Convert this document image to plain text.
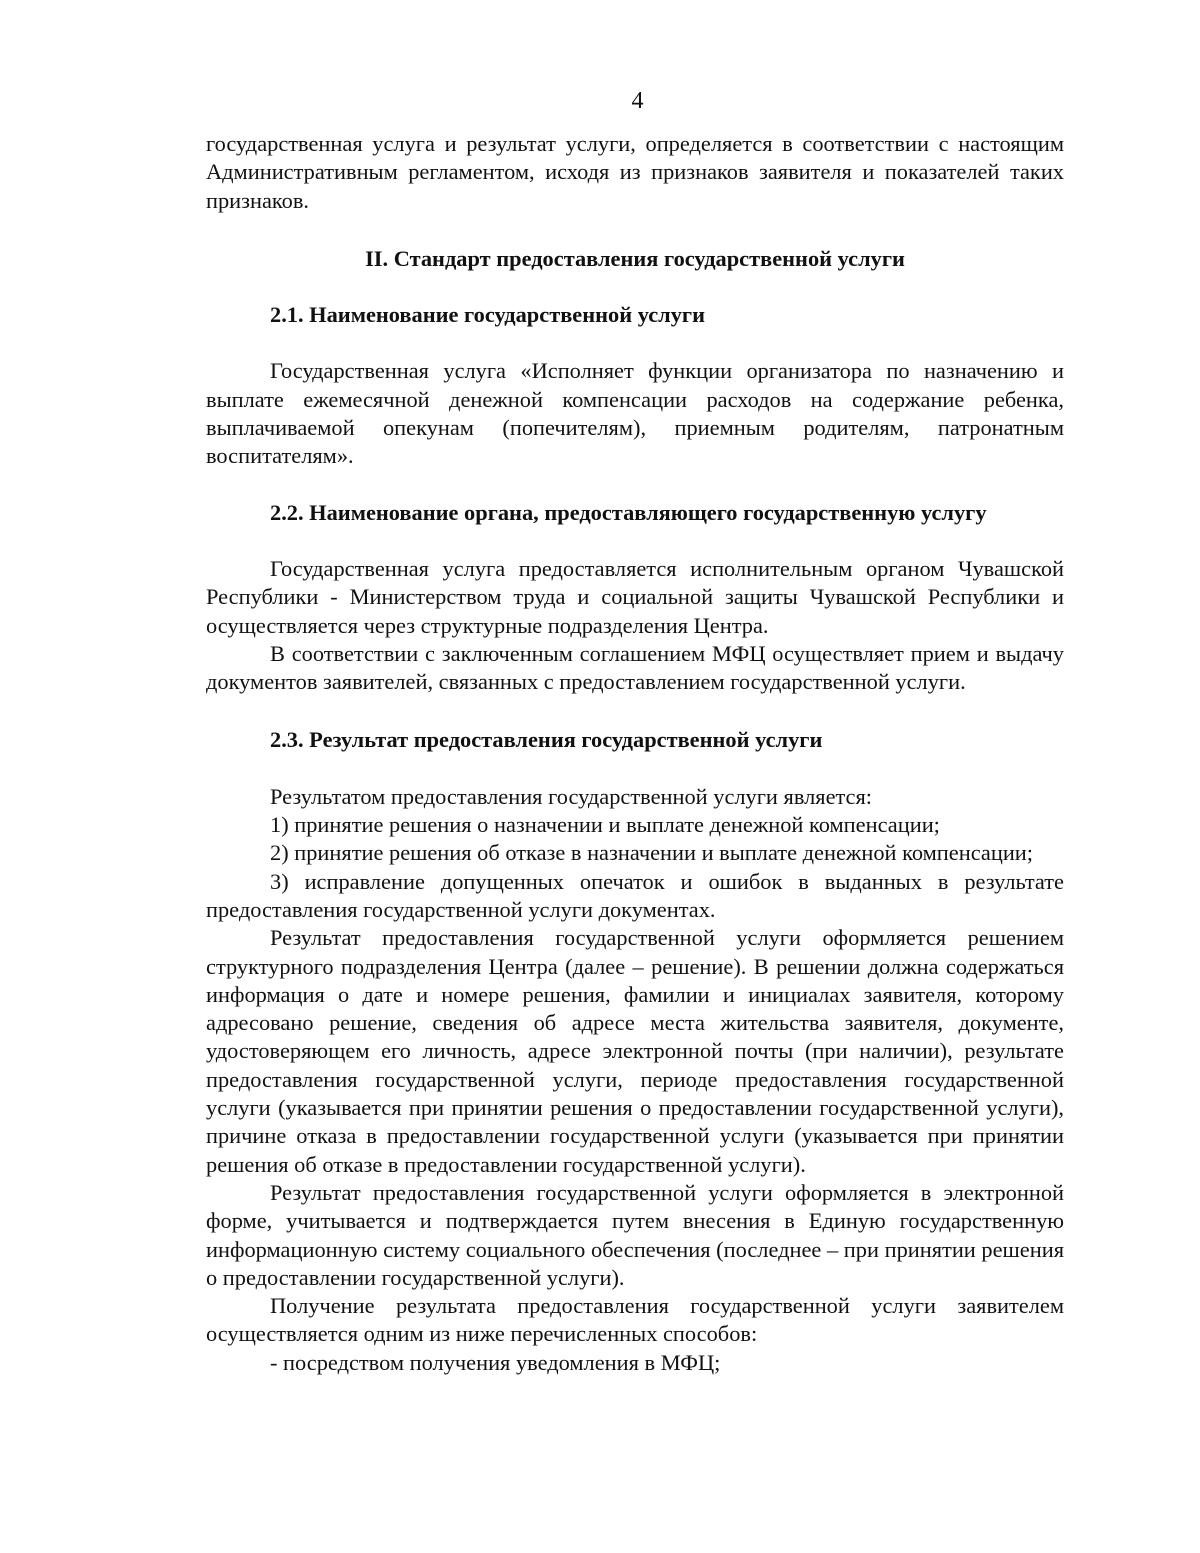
4

государственная услуга и результат услуги, определяется в соответствии с настоящим Административным регламентом, исходя из признаков заявителя и показателей таких признаков.

II. Стандарт предоставления государственной услуги

2.1. Наименование государственной услуги

Государственная услуга «Исполняет функции организатора по назначению и выплате ежемесячной денежной компенсации расходов на содержание ребенка, выплачиваемой опекунам (попечителям), приемным родителям, патронатным воспитателям».

2.2. Наименование органа, предоставляющего государственную услугу

Государственная услуга предоставляется исполнительным органом Чувашской Республики - Министерством труда и социальной защиты Чувашской Республики и осуществляется через структурные подразделения Центра.

В соответствии с заключенным соглашением МФЦ осуществляет прием и выдачу документов заявителей, связанных с предоставлением государственной услуги.

2.3. Результат предоставления государственной услуги

Результатом предоставления государственной услуги является:

1) принятие решения о назначении и выплате денежной компенсации;

2) принятие решения об отказе в назначении и выплате денежной компенсации;

3) исправление допущенных опечаток и ошибок в выданных в результате предоставления государственной услуги документах.

Результат предоставления государственной услуги оформляется решением структурного подразделения Центра (далее – решение). В решении должна содержаться информация о дате и номере решения, фамилии и инициалах заявителя, которому адресовано решение, сведения об адресе места жительства заявителя, документе, удостоверяющем его личность, адресе электронной почты (при наличии), результате предоставления государственной услуги, периоде предоставления государственной услуги (указывается при принятии решения о предоставлении государственной услуги), причине отказа в предоставлении государственной услуги (указывается при принятии решения об отказе в предоставлении государственной услуги).

Результат предоставления государственной услуги оформляется в электронной форме, учитывается и подтверждается путем внесения в Единую государственную информационную систему социального обеспечения (последнее – при принятии решения о предоставлении государственной услуги).

Получение результата предоставления государственной услуги заявителем осуществляется одним из ниже перечисленных способов:

- посредством получения уведомления в МФЦ;
